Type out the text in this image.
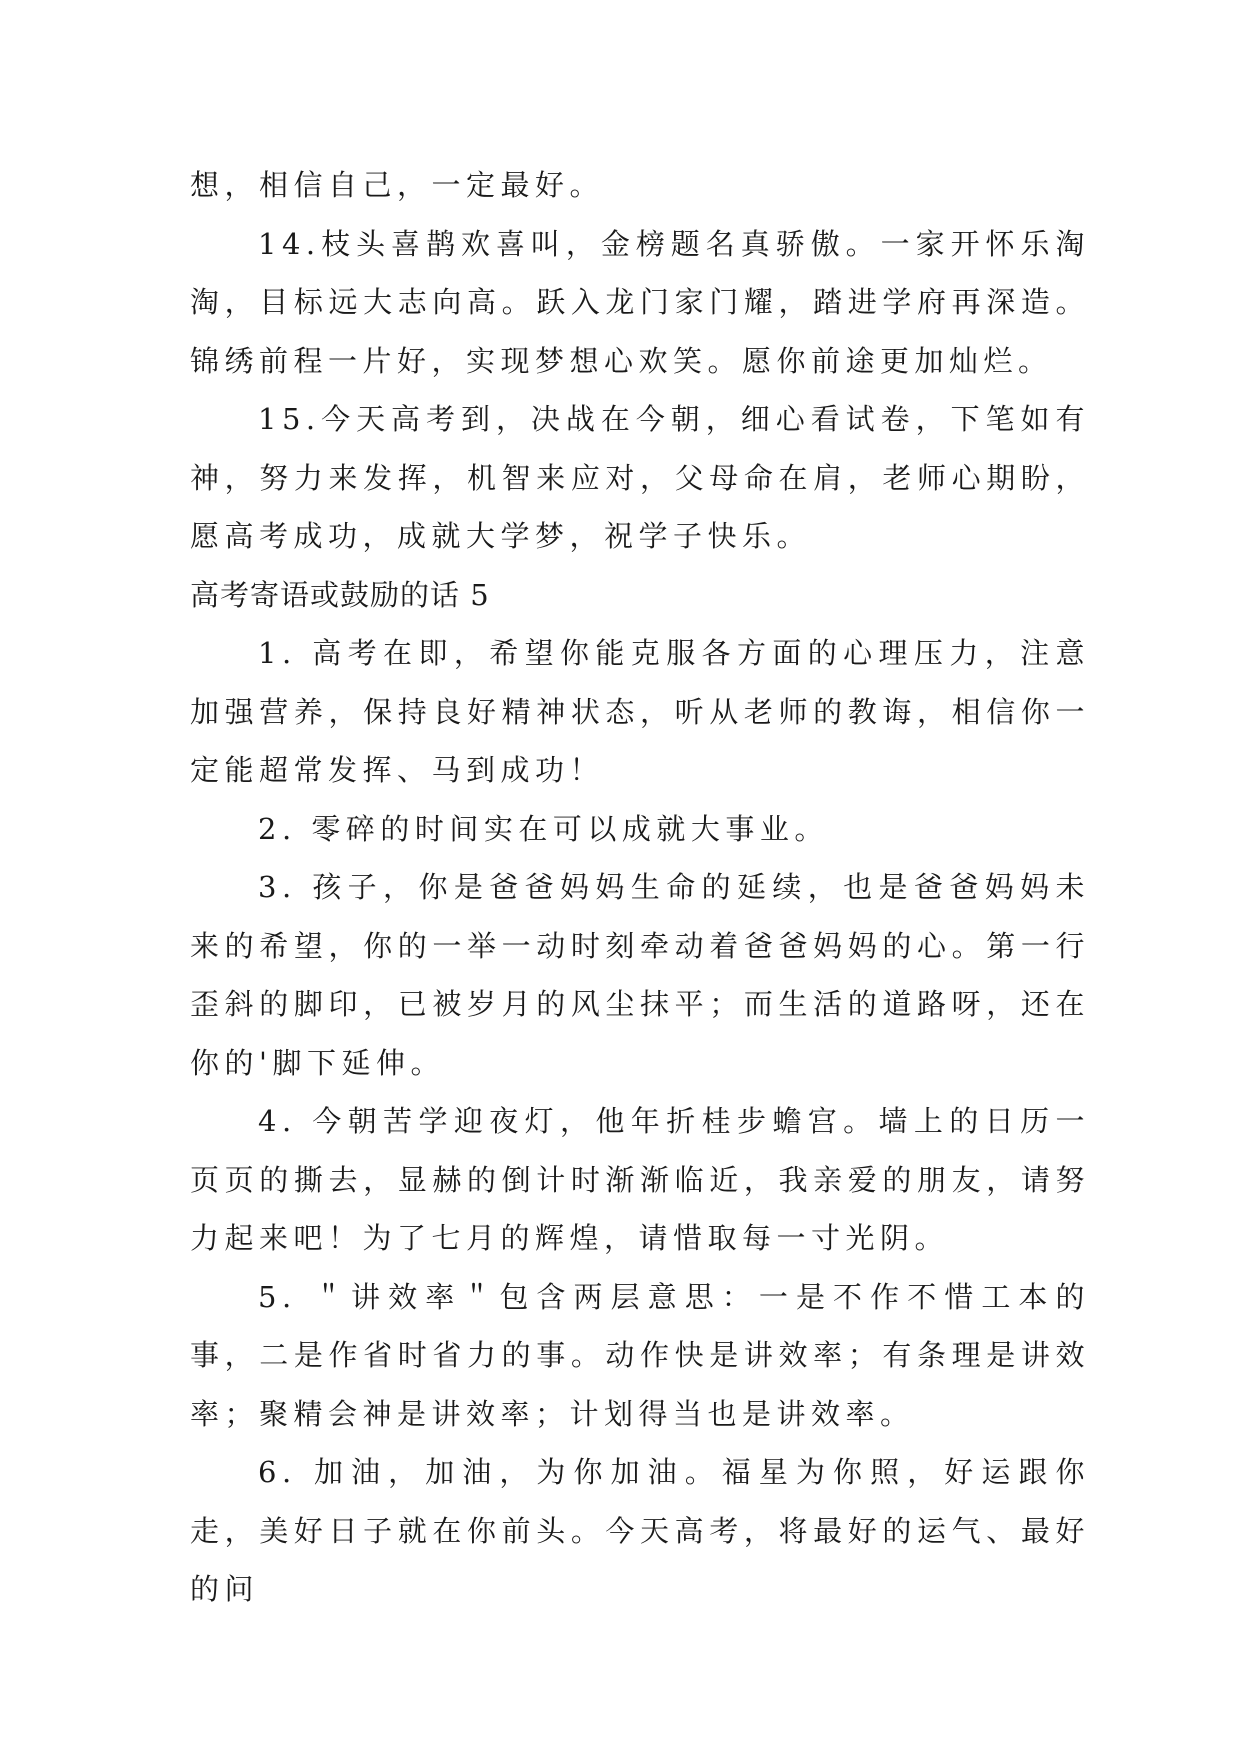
想，相信自己，一定最好。

14.枝头喜鹊欢喜叫，金榜题名真骄傲。一家开怀乐淘淘，目标远大志向高。跃入龙门家门耀，踏进学府再深造。锦绣前程一片好，实现梦想心欢笑。愿你前途更加灿烂。

15.今天高考到，决战在今朝，细心看试卷，下笔如有神，努力来发挥，机智来应对，父母命在肩，老师心期盼，愿高考成功，成就大学梦，祝学子快乐。

高考寄语或鼓励的话 5

1. 高考在即，希望你能克服各方面的心理压力，注意加强营养，保持良好精神状态，听从老师的教诲，相信你一定能超常发挥、马到成功！

2. 零碎的时间实在可以成就大事业。

3. 孩子，你是爸爸妈妈生命的延续，也是爸爸妈妈未来的希望，你的一举一动时刻牵动着爸爸妈妈的心。第一行歪斜的脚印，已被岁月的风尘抹平；而生活的道路呀，还在你的'脚下延伸。

4. 今朝苦学迎夜灯，他年折桂步蟾宫。墙上的日历一页页的撕去，显赫的倒计时渐渐临近，我亲爱的朋友，请努力起来吧！为了七月的辉煌，请惜取每一寸光阴。

5. ＂讲效率＂包含两层意思：一是不作不惜工本的事，二是作省时省力的事。动作快是讲效率；有条理是讲效率；聚精会神是讲效率；计划得当也是讲效率。

6. 加油，加油，为你加油。福星为你照，好运跟你走，美好日子就在你前头。今天高考，将最好的运气、最好的问
